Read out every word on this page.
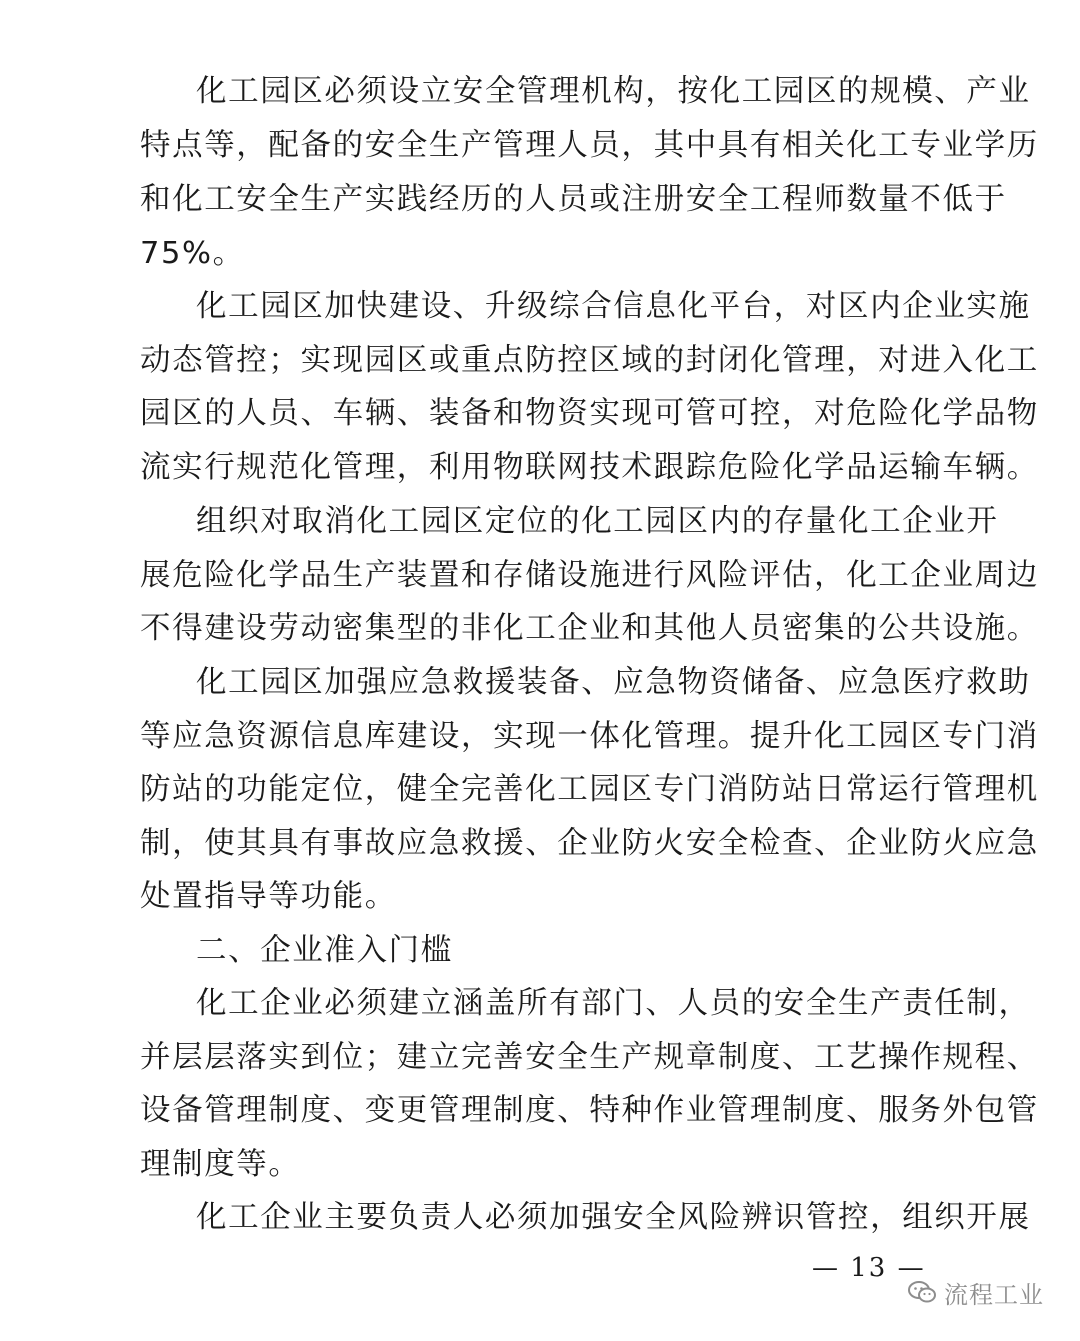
化工园区必须设立安全管理机构，按化工园区的规模、产业
特点等，配备的安全生产管理人员，其中具有相关化工专业学历
和化工安全生产实践经历的人员或注册安全工程师数量不低于
75%。
化工园区加快建设、升级综合信息化平台，对区内企业实施
动态管控；实现园区或重点防控区域的封闭化管理，对进入化工
园区的人员、车辆、装备和物资实现可管可控，对危险化学品物
流实行规范化管理，利用物联网技术跟踪危险化学品运输车辆。
组织对取消化工园区定位的化工园区内的存量化工企业开
展危险化学品生产装置和存储设施进行风险评估，化工企业周边
不得建设劳动密集型的非化工企业和其他人员密集的公共设施。
化工园区加强应急救援装备、应急物资储备、应急医疗救助
等应急资源信息库建设，实现一体化管理。提升化工园区专门消
防站的功能定位，健全完善化工园区专门消防站日常运行管理机
制，使其具有事故应急救援、企业防火安全检查、企业防火应急
处置指导等功能。
二、企业准入门槛
化工企业必须建立涵盖所有部门、人员的安全生产责任制，
并层层落实到位；建立完善安全生产规章制度、工艺操作规程、
设备管理制度、变更管理制度、特种作业管理制度、服务外包管
理制度等。
化工企业主要负责人必须加强安全风险辨识管控，组织开展
— 13 —
流程工业
